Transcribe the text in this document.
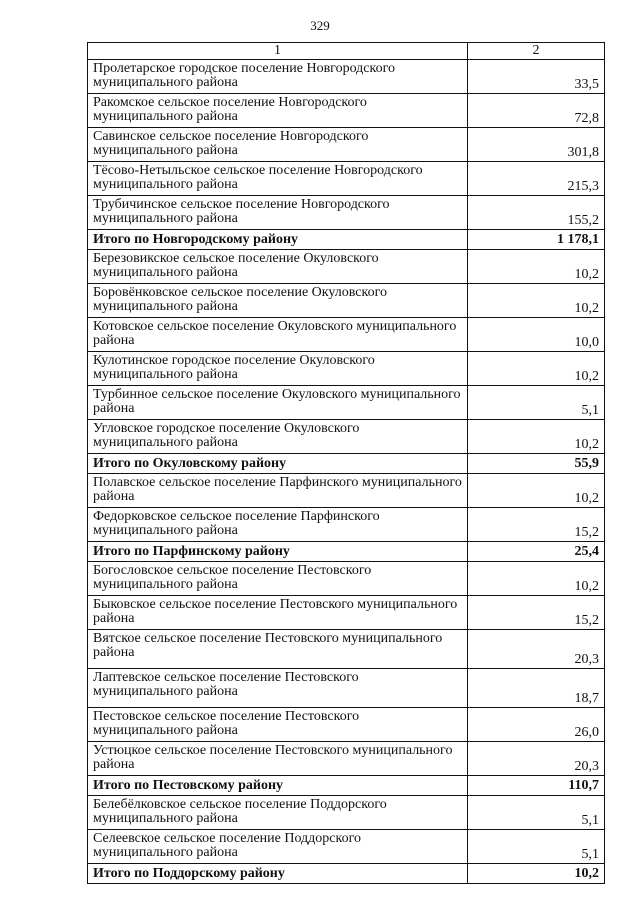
329
1	2
Пролетарское городское поселение Новгородского муниципального района	33,5
Ракомское сельское поселение Новгородского муниципального района	72,8
Савинское сельское поселение Новгородского муниципального района	301,8
Тёсово-Нетыльское сельское поселение Новгородского муниципального района	215,3
Трубичинское сельское поселение Новгородского муниципального района	155,2
Итого по Новгородскому району	1 178,1
Березовикское сельское поселение Окуловского муниципального района	10,2
Боровёнковское сельское поселение Окуловского муниципального района	10,2
Котовское сельское поселение Окуловского муниципального района	10,0
Кулотинское городское поселение Окуловского муниципального района	10,2
Турбинное сельское поселение Окуловского муниципального района	5,1
Угловское городское поселение Окуловского муниципального района	10,2
Итого по Окуловскому району	55,9
Полавское сельское поселение Парфинского муниципального района	10,2
Федорковское сельское поселение Парфинского муниципального района	15,2
Итого по Парфинскому району	25,4
Богословское сельское поселение Пестовского муниципального района	10,2
Быковское сельское поселение Пестовского муниципального района	15,2
Вятское сельское поселение Пестовского муниципального района	20,3
Лаптевское сельское поселение Пестовского муниципального района	18,7
Пестовское сельское поселение Пестовского муниципального района	26,0
Устюцкое сельское поселение Пестовского муниципального района	20,3
Итого по Пестовскому району	110,7
Белебёлковское сельское поселение Поддорского муниципального района	5,1
Селеевское сельское поселение Поддорского муниципального района	5,1
Итого по Поддорскому району	10,2
